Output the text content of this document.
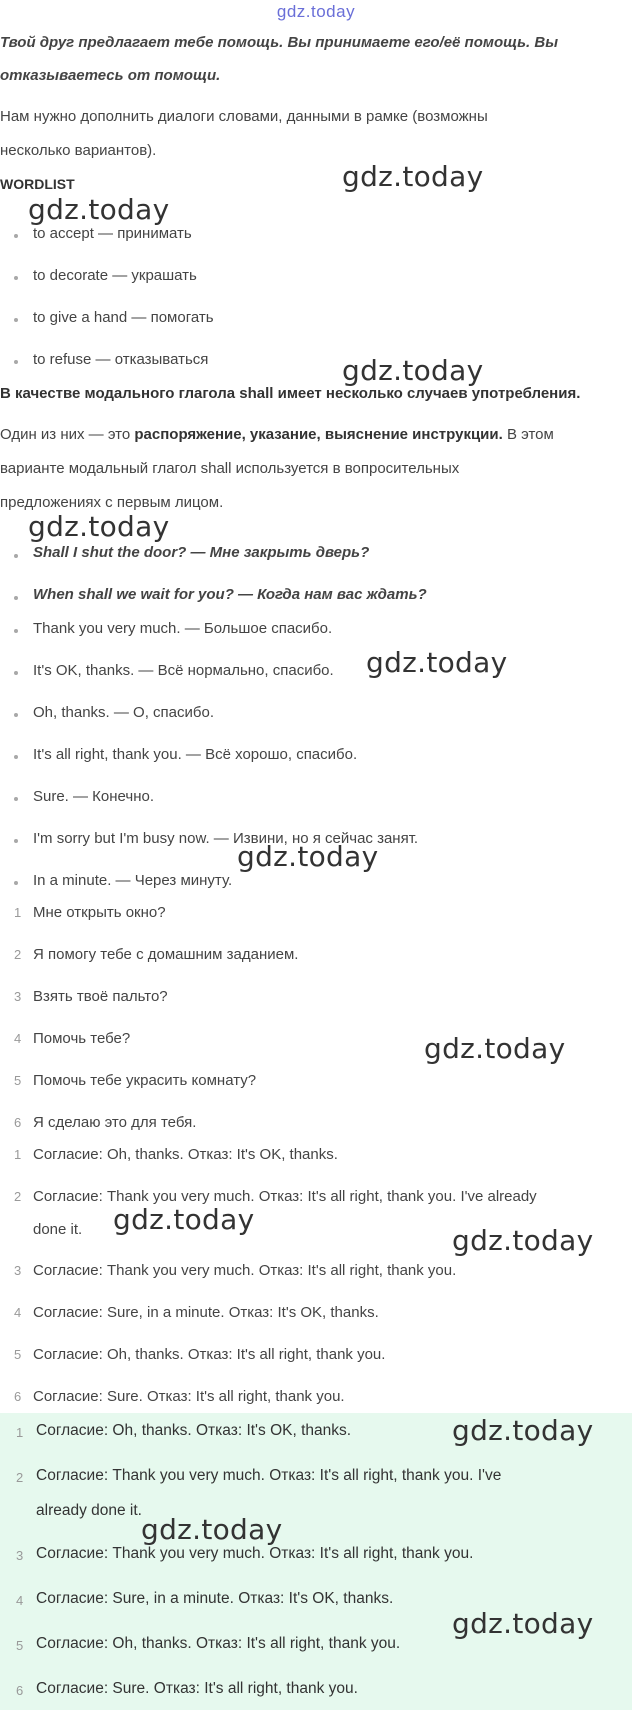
gdz.today
Твой друг предлагает тебе помощь. Вы принимаете его/её помощь. Вы
отказываетесь от помощи.
Нам нужно дополнить диалоги словами, данными в рамке (возможны
несколько вариантов).
WORDLIST
to accept — принимать
to decorate — украшать
to give a hand — помогать
to refuse — отказываться
В качестве модального глагола shall имеет несколько случаев употребления.
Один из них — это распоряжение, указание, выяснение инструкции. В этом
варианте модальный глагол shall используется в вопросительных
предложениях с первым лицом.
Shall I shut the door? — Мне закрыть дверь?
When shall we wait for you? — Когда нам вас ждать?
Thank you very much. — Большое спасибо.
It's OK, thanks. — Всё нормально, спасибо.
Oh, thanks. — О, спасибо.
It's all right, thank you. — Всё хорошо, спасибо.
Sure. — Конечно.
I'm sorry but I'm busy now. — Извини, но я сейчас занят.
In a minute. — Через минуту.
1 Мне открыть окно?
2 Я помогу тебе с домашним заданием.
3 Взять твоё пальто?
4 Помочь тебе?
5 Помочь тебе украсить комнату?
6 Я сделаю это для тебя.
1 Согласие: Oh, thanks. Отказ: It's OK, thanks.
2 Согласие: Thank you very much. Отказ: It's all right, thank you. I've already
done it.
3 Согласие: Thank you very much. Отказ: It's all right, thank you.
4 Согласие: Sure, in a minute. Отказ: It's OK, thanks.
5 Согласие: Oh, thanks. Отказ: It's all right, thank you.
6 Согласие: Sure. Отказ: It's all right, thank you.
1 Согласие: Oh, thanks. Отказ: It's OK, thanks.
2 Согласие: Thank you very much. Отказ: It's all right, thank you. I've
already done it.
3 Согласие: Thank you very much. Отказ: It's all right, thank you.
4 Согласие: Sure, in a minute. Отказ: It's OK, thanks.
5 Согласие: Oh, thanks. Отказ: It's all right, thank you.
6 Согласие: Sure. Отказ: It's all right, thank you.
gdz.today
gdz.today
gdz.today
gdz.today
gdz.today
gdz.today
gdz.today
gdz.today
gdz.today
gdz.today
gdz.today
gdz.today
